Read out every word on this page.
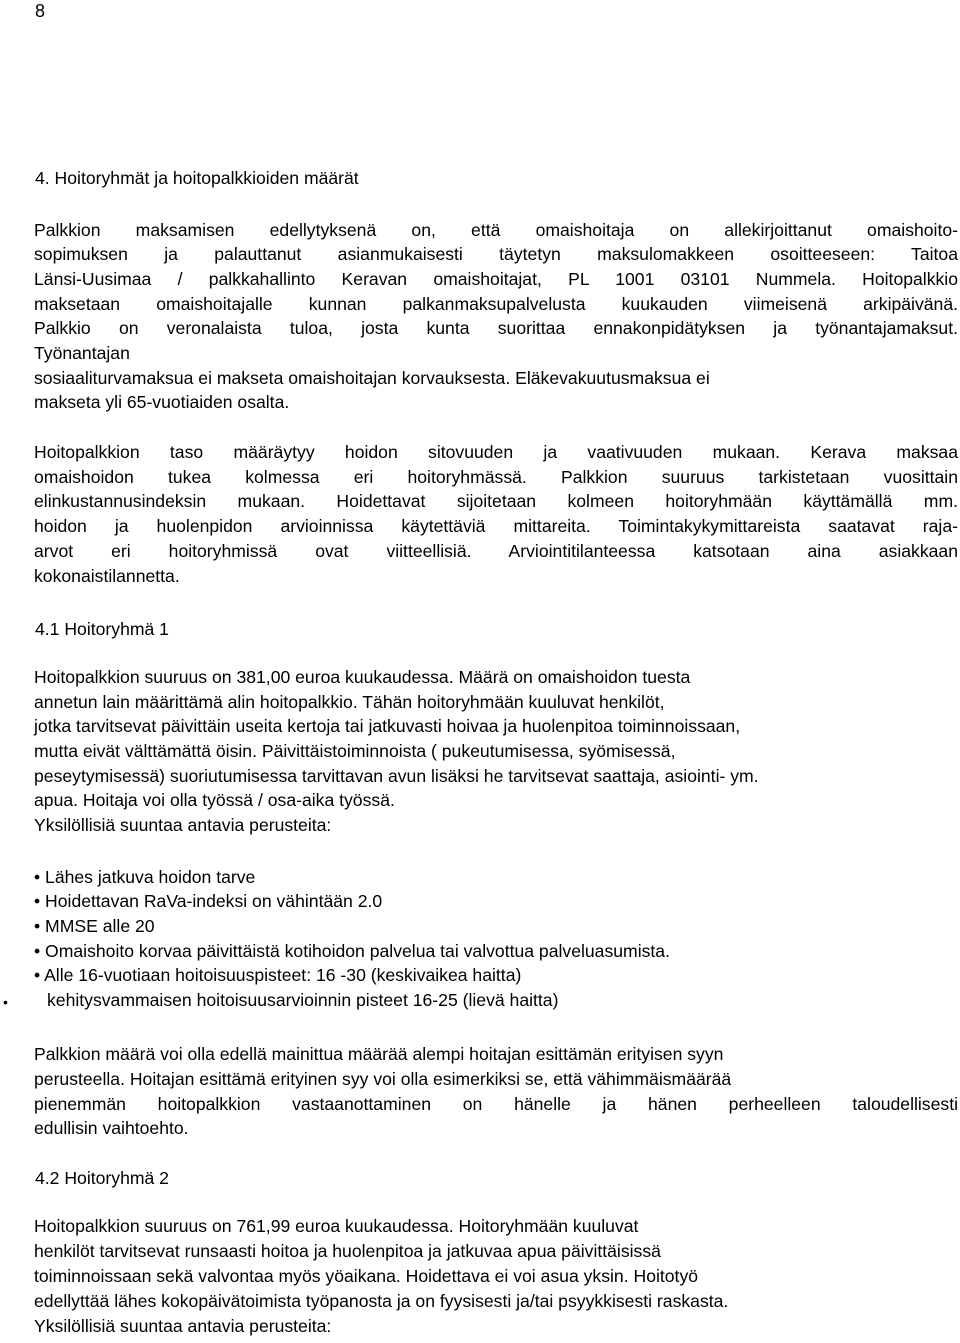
8
4. Hoitoryhmät ja hoitopalkkioiden määrät
Palkkion maksamisen edellytyksenä on, että omaishoitaja on allekirjoittanut omaishoito-
sopimuksen ja palauttanut asianmukaisesti täytetyn maksulomakkeen osoitteeseen: Taitoa
Länsi-Uusimaa / palkkahallinto Keravan omaishoitajat, PL 1001 03101 Nummela. Hoitopalkkio
maksetaan omaishoitajalle kunnan palkanmaksupalvelusta kuukauden viimeisenä arkipäivänä.
Palkkio on veronalaista tuloa, josta kunta suorittaa ennakonpidätyksen ja työnantajamaksut.
Työnantajan
sosiaaliturvamaksua ei makseta omaishoitajan korvauksesta. Eläkevakuutusmaksua ei
makseta yli 65-vuotiaiden osalta.
Hoitopalkkion taso määräytyy hoidon sitovuuden ja vaativuuden mukaan. Kerava maksaa
omaishoidon tukea kolmessa eri hoitoryhmässä. Palkkion suuruus tarkistetaan vuosittain
elinkustannusindeksin mukaan. Hoidettavat sijoitetaan kolmeen hoitoryhmään käyttämällä mm.
hoidon ja huolenpidon arvioinnissa käytettäviä mittareita. Toimintakykymittareista saatavat raja-
arvot eri hoitoryhmissä ovat viitteellisiä. Arviointitilanteessa katsotaan aina asiakkaan
kokonaistilannetta.
4.1 Hoitoryhmä 1
Hoitopalkkion suuruus on 381,00 euroa kuukaudessa. Määrä on omaishoidon tuesta
annetun lain määrittämä alin hoitopalkkio. Tähän hoitoryhmään kuuluvat henkilöt,
jotka tarvitsevat päivittäin useita kertoja tai jatkuvasti hoivaa ja huolenpitoa toiminnoissaan,
mutta eivät välttämättä öisin. Päivittäistoiminnoista ( pukeutumisessa, syömisessä,
peseytymisessä) suoriutumisessa tarvittavan avun lisäksi he tarvitsevat saattaja, asiointi- ym.
apua. Hoitaja voi olla työssä / osa-aika työssä.
Yksilöllisiä suuntaa antavia perusteita:
• Lähes jatkuva hoidon tarve
• Hoidettavan RaVa-indeksi on vähintään 2.0
• MMSE alle 20
• Omaishoito korvaa päivittäistä kotihoidon palvelua tai valvottua palveluasumista.
• Alle 16-vuotiaan hoitoisuuspisteet: 16 -30 (keskivaikea haitta)
• kehitysvammaisen hoitoisuusarvioinnin pisteet 16-25 (lievä haitta)
Palkkion määrä voi olla edellä mainittua määrää alempi hoitajan esittämän erityisen syyn
perusteella. Hoitajan esittämä erityinen syy voi olla esimerkiksi se, että vähimmäismäärää
pienemmän hoitopalkkion vastaanottaminen on hänelle ja hänen perheelleen taloudellisesti
edullisin vaihtoehto.
4.2 Hoitoryhmä 2
Hoitopalkkion suuruus on 761,99 euroa kuukaudessa. Hoitoryhmään kuuluvat
henkilöt tarvitsevat runsaasti hoitoa ja huolenpitoa ja jatkuvaa apua päivittäisissä
toiminnoissaan sekä valvontaa myös yöaikana. Hoidettava ei voi asua yksin. Hoitotyö
edellyttää lähes kokopäivätoimista työpanosta ja on fyysisesti ja/tai psyykkisesti raskasta.
Yksilöllisiä suuntaa antavia perusteita:
